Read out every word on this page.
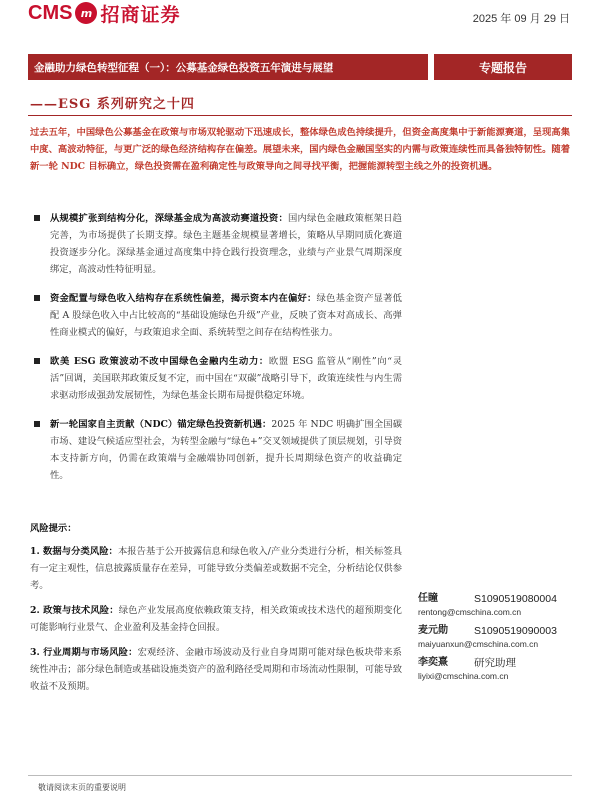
CMS m 招商证券	2025 年 09 月 29 日
金融助力绿色转型征程（一）：公募基金绿色投资五年演进与展望	专题报告
——ESG 系列研究之十四
过去五年，中国绿色公募基金在政策与市场双轮驱动下迅速成长，整体绿色成色持续提升，但资金高度集中于新能源赛道，呈现高集中度、高波动特征，与更广泛的绿色经济结构存在偏差。展望未来，国内绿色金融国坚实的内需与政策连续性而具备独特韧性。随着新一轮 NDC 目标确立，绿色投资需在盈利确定性与政策导向之间寻找平衡，把握能源转型主线之外的投资机遇。
从规模扩张到结构分化，深绿基金成为高波动赛道投资：国内绿色金融政策框架日趋完善，为市场提供了长期支撑。绿色主题基金规模显著增长，策略从早期同质化赛道投资逐步分化。深绿基金通过高度集中持仓践行投资理念，业绩与产业景气周期深度绑定，高波动性特征明显。
资金配置与绿色收入结构存在系统性偏差，揭示资本内在偏好：绿色基金资产显著低配 A 股绿色收入中占比较高的“基础设施绿色升级”产业，反映了资本对高成长、高弹性商业模式的偏好，与政策追求全面、系统转型之间存在结构性张力。
欧美 ESG 政策波动不改中国绿色金融内生动力：欧盟 ESG 监管从“刚性”向“灵活”回调，美国联邦政策反复不定，而中国在“双碳”战略引导下，政策连续性与内生需求驱动形成强劲发展韧性，为绿色基金长期布局提供稳定环境。
新一轮国家自主贡献（NDC）锚定绿色投资新机遇：2025 年 NDC 明确扩围全国碳市场、建设气候适应型社会，为转型金融与“绿色+”交叉领域提供了顶层规划，引导资本支持新方向，仍需在政策端与金融端协同创新，提升长周期绿色资产的收益确定性。
风险提示：
1. 数据与分类风险：本报告基于公开披露信息和绿色收入/产业分类进行分析，相关标签具有一定主观性，信息披露质量存在差异，可能导致分类偏差或数据不完全，分析结论仅供参考。
2. 政策与技术风险：绿色产业发展高度依赖政策支持，相关政策或技术迭代的超预期变化可能影响行业景气、企业盈利及基金持仓回报。
3. 行业周期与市场风险：宏观经济、金融市场波动及行业自身周期可能对绿色板块带来系统性冲击；部分绿色制造或基础设施类资产的盈利路径受周期和市场流动性限制，可能导致收益不及预期。
任瞳	S1090519080004
rentong@cmschina.com.cn
麦元勋	S1090519090003
maiyuanxun@cmschina.com.cn
李奕熹	研究助理
liyixi@cmschina.com.cn
敬请阅读末页的重要说明
